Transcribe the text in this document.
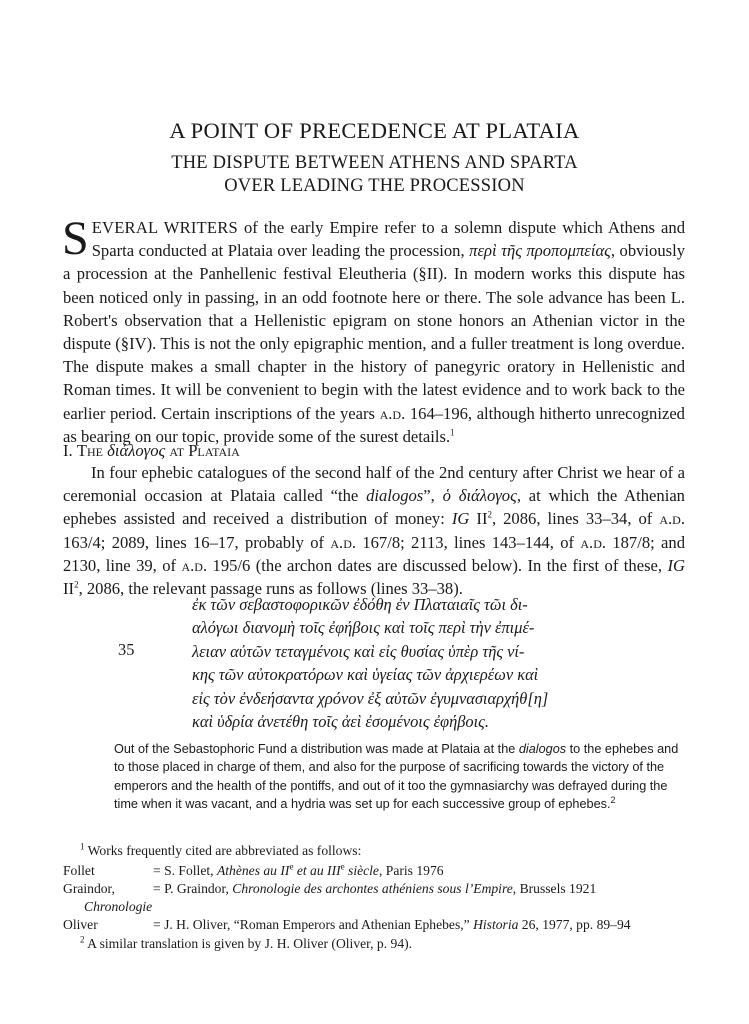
A POINT OF PRECEDENCE AT PLATAIA
THE DISPUTE BETWEEN ATHENS AND SPARTA
OVER LEADING THE PROCESSION
SEVERAL WRITERS of the early Empire refer to a solemn dispute which Athens and Sparta conducted at Plataia over leading the procession, περὶ τῆς προπομπείας, obviously a procession at the Panhellenic festival Eleutheria (§II). In modern works this dispute has been noticed only in passing, in an odd footnote here or there. The sole advance has been L. Robert's observation that a Hellenistic epigram on stone honors an Athenian victor in the dispute (§IV). This is not the only epigraphic mention, and a fuller treatment is long overdue. The dispute makes a small chapter in the history of panegyric oratory in Hellenistic and Roman times. It will be convenient to begin with the latest evidence and to work back to the earlier period. Certain inscriptions of the years a.d. 164–196, although hitherto unrecognized as bearing on our topic, provide some of the surest details.$^1$
I. The διάλογος at Plataia
In four ephebic catalogues of the second half of the 2nd century after Christ we hear of a ceremonial occasion at Plataia called “the dialogos”, ὁ διάλογος, at which the Athenian ephebes assisted and received a distribution of money: IG $II^2$, 2086, lines 33–34, of a.d. 163/4; 2089, lines 16–17, probably of a.d. 167/8; 2113, lines 143–144, of a.d. 187/8; and 2130, line 39, of a.d. 195/6 (the archon dates are discussed below). In the first of these, IG $II^2$, 2086, the relevant passage runs as follows (lines 33–38).
35
ἐκ τῶν σεβαστοφορικῶν ἐδόθη ἐν Πλαταιαῖς τῶι δι-
αλόγωι διανομὴ τοῖς ἐφήβοις καὶ τοῖς περὶ τὴν ἐπιμέ-
λειαν αὐτῶν τεταγμένοις καὶ εἰς θυσίας ὑπὲρ τῆς νί-
κης τῶν αὐτοκρατόρων καὶ ὑγείας τῶν ἀρχιερέων καὶ
εἰς τὸν ἐνδεήσαντα χρόνον ἐξ αὐτῶν ἐγυμνασιαρχήθ[η]
καὶ ὑδρία ἀνετέθη τοῖς ἀεὶ ἐσομένοις ἐφήβοις.
Out of the Sebastophoric Fund a distribution was made at Plataia at the dialogos to the ephebes and to those placed in charge of them, and also for the purpose of sacrificing towards the victory of the emperors and the health of the pontiffs, and out of it too the gymnasiarchy was defrayed during the time when it was vacant, and a hydria was set up for each successive group of ephebes.$^2$
$^1$ Works frequently cited are abbreviated as follows:
Follet	= S. Follet, Athènes au IIe et au IIIe siècle, Paris 1976
Graindor,	= P. Graindor, Chronologie des archontes athéniens sous l’Empire, Brussels 1921
Chronologie
Oliver	= J. H. Oliver, “Roman Emperors and Athenian Ephebes,” Historia 26, 1977, pp. 89–94
$^2$ A similar translation is given by J. H. Oliver (Oliver, p. 94).
